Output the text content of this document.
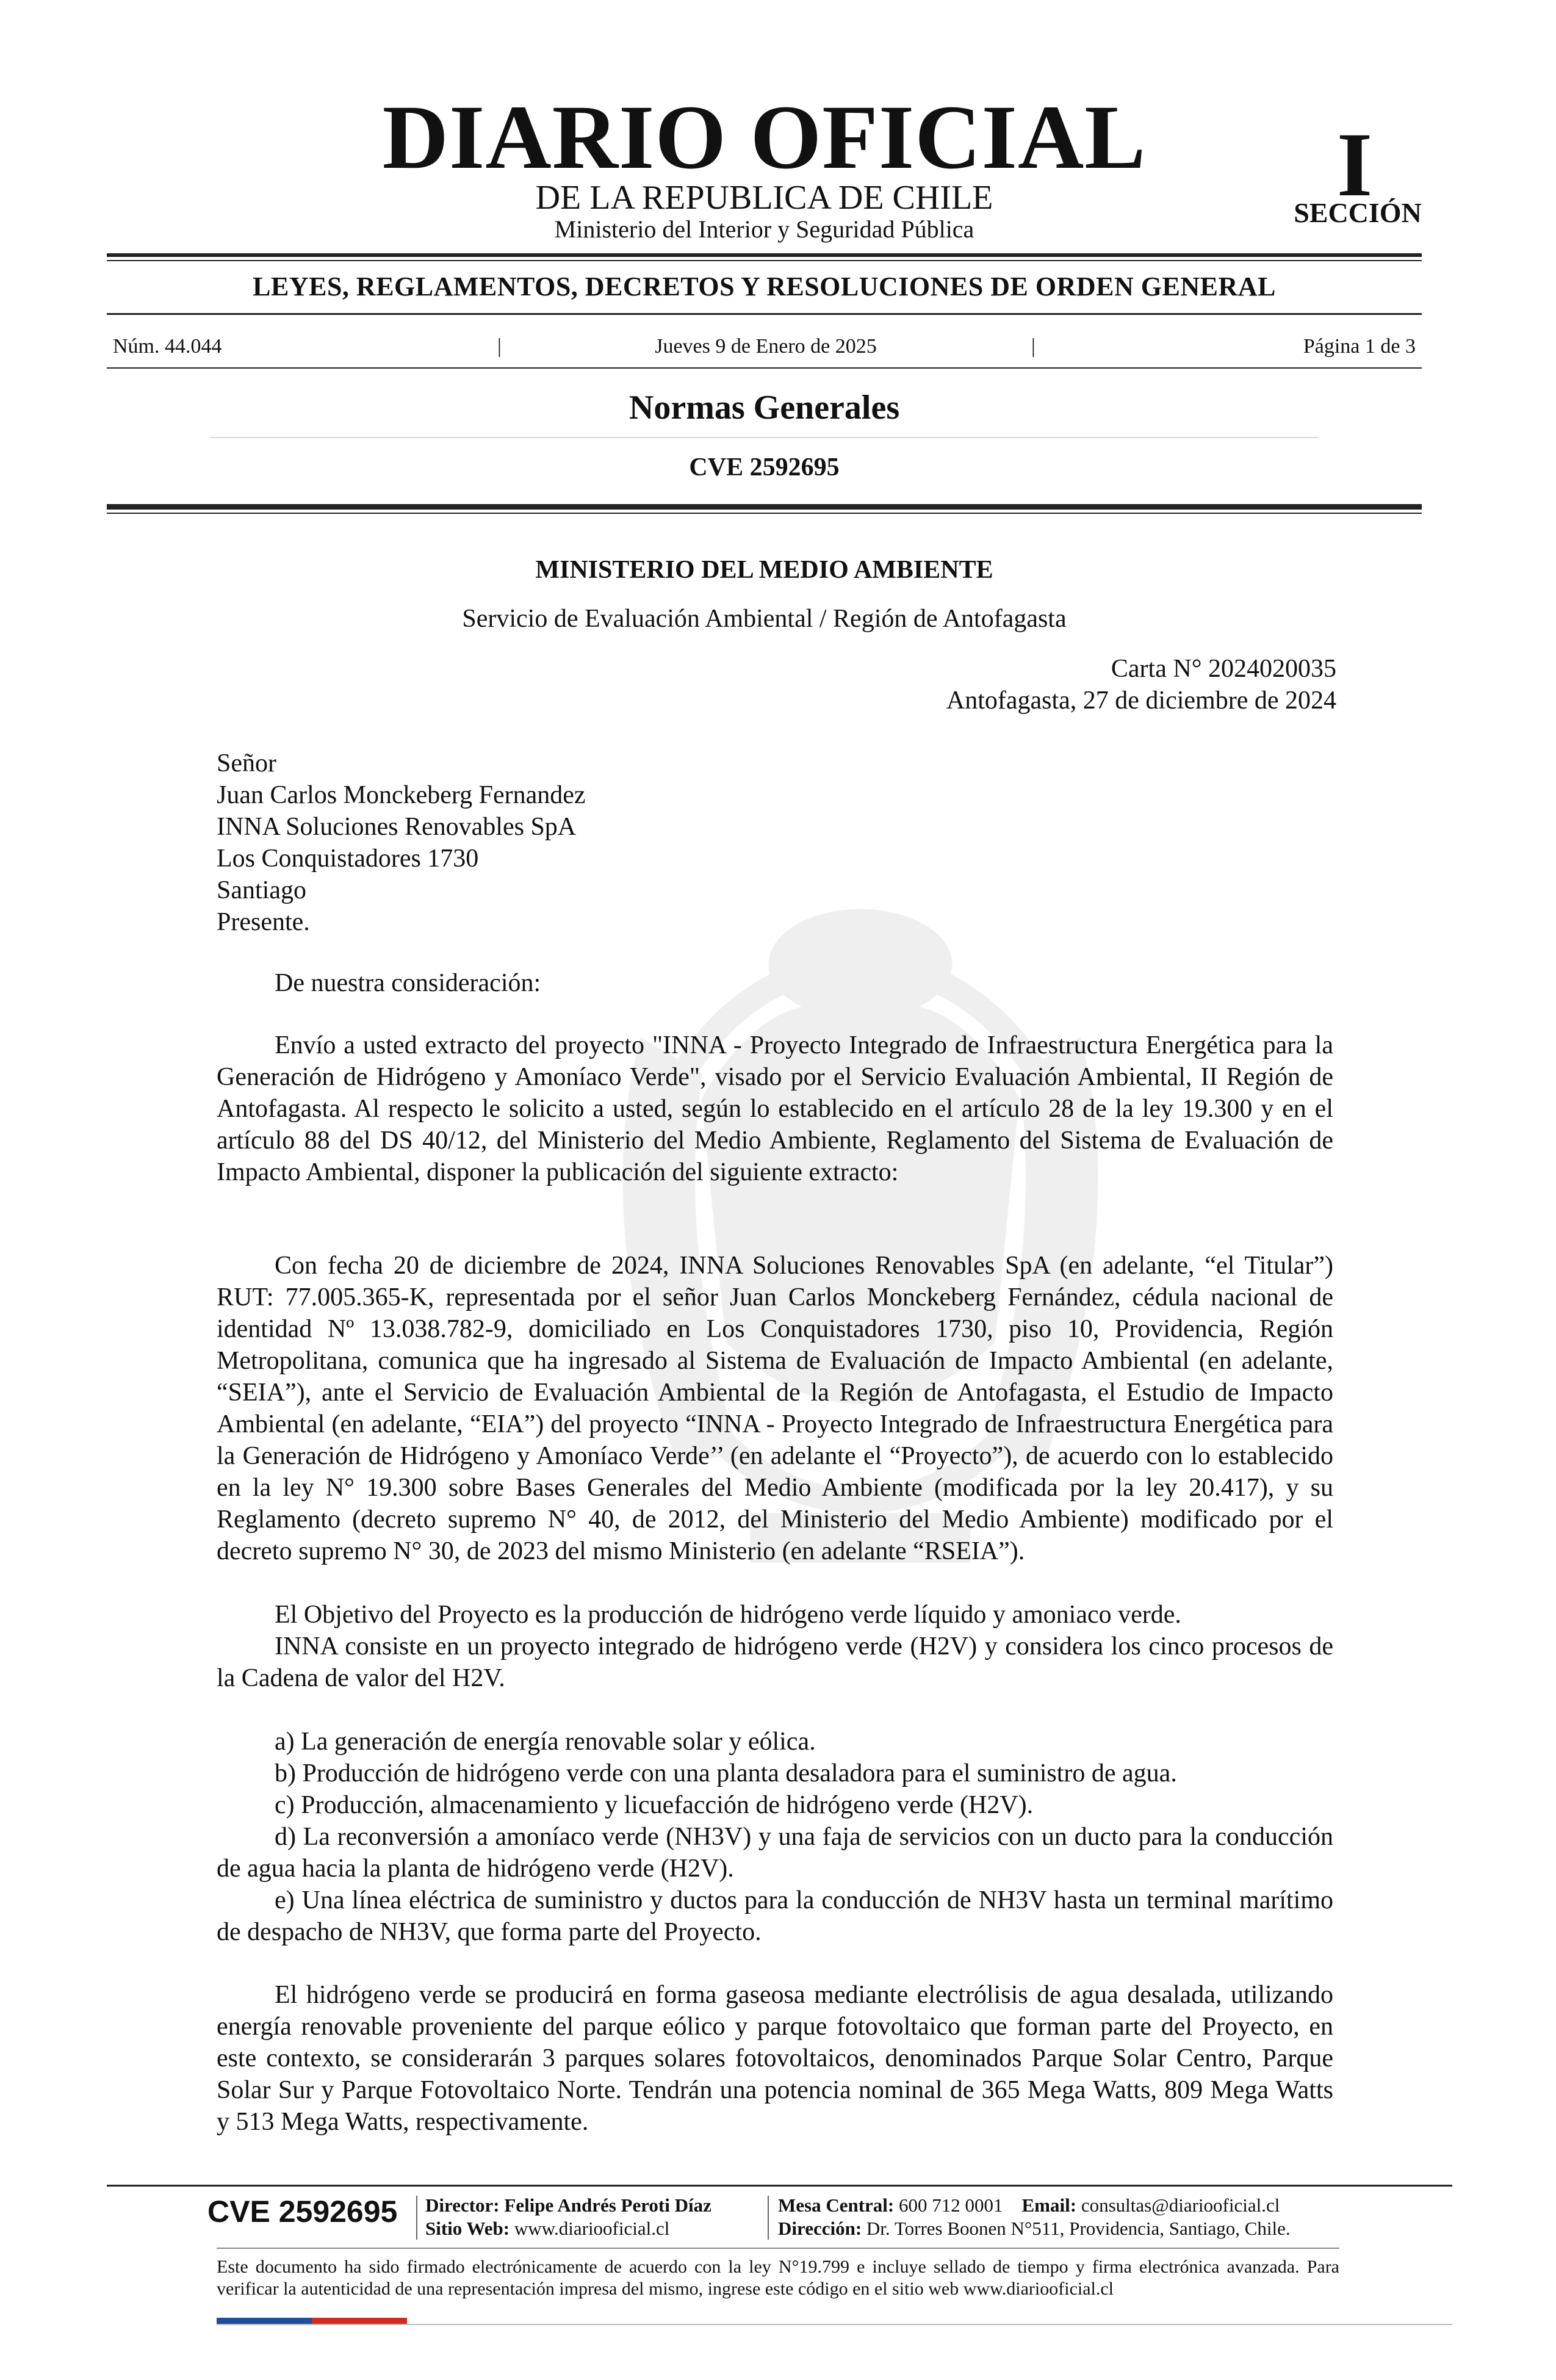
DIARIO OFICIAL
DE LA REPUBLICA DE CHILE
Ministerio del Interior y Seguridad Pública
I
SECCIÓN
LEYES, REGLAMENTOS, DECRETOS Y RESOLUCIONES DE ORDEN GENERAL
Núm. 44.044	|	Jueves 9 de Enero de 2025	|	Página 1 de 3
Normas Generales
CVE 2592695
MINISTERIO DEL MEDIO AMBIENTE
Servicio de Evaluación Ambiental / Región de Antofagasta
Carta N° 2024020035
Antofagasta, 27 de diciembre de 2024
Señor
Juan Carlos Monckeberg Fernandez
INNA Soluciones Renovables SpA
Los Conquistadores 1730
Santiago
Presente.
De nuestra consideración:
Envío a usted extracto del proyecto "INNA - Proyecto Integrado de Infraestructura Energética para la Generación de Hidrógeno y Amoníaco Verde", visado por el Servicio Evaluación Ambiental, II Región de Antofagasta. Al respecto le solicito a usted, según lo establecido en el artículo 28 de la ley 19.300 y en el artículo 88 del DS 40/12, del Ministerio del Medio Ambiente, Reglamento del Sistema de Evaluación de Impacto Ambiental, disponer la publicación del siguiente extracto:
Con fecha 20 de diciembre de 2024, INNA Soluciones Renovables SpA (en adelante, “el Titular”) RUT: 77.005.365-K, representada por el señor Juan Carlos Monckeberg Fernández, cédula nacional de identidad Nº 13.038.782-9, domiciliado en Los Conquistadores 1730, piso 10, Providencia, Región Metropolitana, comunica que ha ingresado al Sistema de Evaluación de Impacto Ambiental (en adelante, “SEIA”), ante el Servicio de Evaluación Ambiental de la Región de Antofagasta, el Estudio de Impacto Ambiental (en adelante, “EIA”) del proyecto “INNA - Proyecto Integrado de Infraestructura Energética para la Generación de Hidrógeno y Amoníaco Verde’’ (en adelante el “Proyecto”), de acuerdo con lo establecido en la ley N° 19.300 sobre Bases Generales del Medio Ambiente (modificada por la ley 20.417), y su Reglamento (decreto supremo N° 40, de 2012, del Ministerio del Medio Ambiente) modificado por el decreto supremo N° 30, de 2023 del mismo Ministerio (en adelante “RSEIA”).
El Objetivo del Proyecto es la producción de hidrógeno verde líquido y amoniaco verde.
INNA consiste en un proyecto integrado de hidrógeno verde (H2V) y considera los cinco procesos de la Cadena de valor del H2V.
a) La generación de energía renovable solar y eólica.
b) Producción de hidrógeno verde con una planta desaladora para el suministro de agua.
c) Producción, almacenamiento y licuefacción de hidrógeno verde (H2V).
d) La reconversión a amoníaco verde (NH3V) y una faja de servicios con un ducto para la conducción de agua hacia la planta de hidrógeno verde (H2V).
e) Una línea eléctrica de suministro y ductos para la conducción de NH3V hasta un terminal marítimo de despacho de NH3V, que forma parte del Proyecto.
El hidrógeno verde se producirá en forma gaseosa mediante electrólisis de agua desalada, utilizando energía renovable proveniente del parque eólico y parque fotovoltaico que forman parte del Proyecto, en este contexto, se considerarán 3 parques solares fotovoltaicos, denominados Parque Solar Centro, Parque Solar Sur y Parque Fotovoltaico Norte. Tendrán una potencia nominal de 365 Mega Watts, 809 Mega Watts y 513 Mega Watts, respectivamente.
CVE 2592695	Director: Felipe Andrés Peroti Díaz
Sitio Web: www.diariooficial.cl
Mesa Central: 600 712 0001 Email: consultas@diariooficial.cl
Dirección: Dr. Torres Boonen N°511, Providencia, Santiago, Chile.
Este documento ha sido firmado electrónicamente de acuerdo con la ley N°19.799 e incluye sellado de tiempo y firma electrónica avanzada. Para verificar la autenticidad de una representación impresa del mismo, ingrese este código en el sitio web www.diariooficial.cl
